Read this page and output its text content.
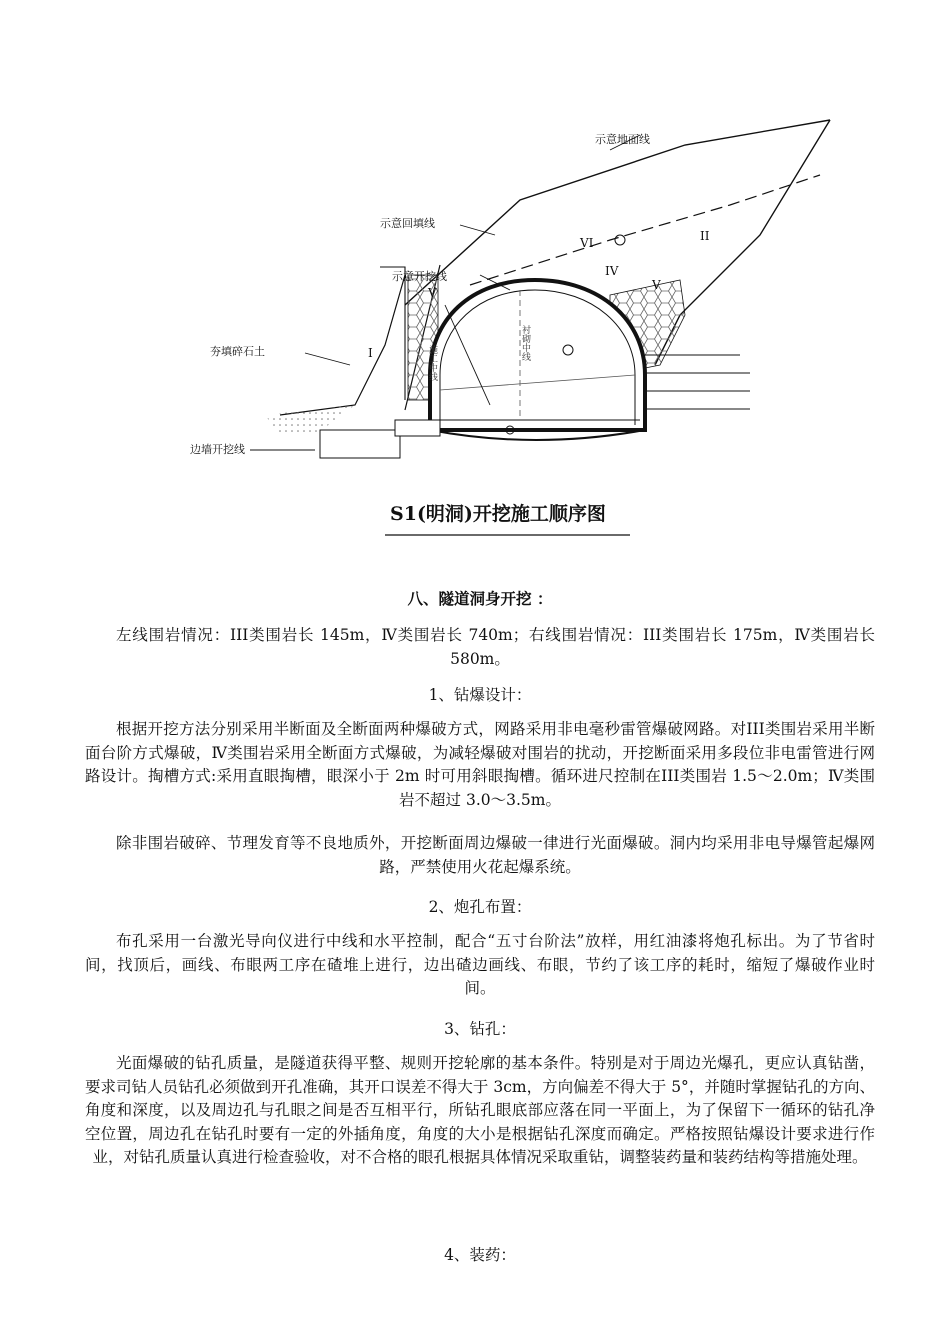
示意地面线
示意回填线
示意开挖线
夯填碎石土
边墙开挖线
VI	II
IV
V
V
I	施工中线
衬砌中线
S1(明洞)开挖施工顺序图
八、隧道洞身开挖 ：

左线围岩情况：III类围岩长 145m，Ⅳ类围岩长 740m；右线围岩情况：III类围岩长 175m，Ⅳ类围岩长 580m。

1、钻爆设计：

根据开挖方法分别采用半断面及全断面两种爆破方式，网路采用非电毫秒雷管爆破网路。对III类围岩采用半断面台阶方式爆破，Ⅳ类围岩采用全断面方式爆破，为减轻爆破对围岩的扰动，开挖断面采用多段位非电雷管进行网路设计。掏槽方式:采用直眼掏槽，眼深小于 2m 时可用斜眼掏槽。循环进尺控制在III类围岩 1.5～2.0m；Ⅳ类围岩不超过 3.0～3.5m。

除非围岩破碎、节理发育等不良地质外，开挖断面周边爆破一律进行光面爆破。洞内均采用非电导爆管起爆网路，严禁使用火花起爆系统。

2、炮孔布置：

布孔采用一台激光导向仪进行中线和水平控制，配合“五寸台阶法”放样，用红油漆将炮孔标出。为了节省时间，找顶后，画线、布眼两工序在碴堆上进行，边出碴边画线、布眼，节约了该工序的耗时，缩短了爆破作业时间。

3、钻孔：

光面爆破的钻孔质量，是隧道获得平整、规则开挖轮廓的基本条件。特别是对于周边光爆孔，更应认真钻凿，要求司钻人员钻孔必须做到开孔准确，其开口误差不得大于 3cm，方向偏差不得大于 5°，并随时掌握钻孔的方向、角度和深度，以及周边孔与孔眼之间是否互相平行，所钻孔眼底部应落在同一平面上，为了保留下一循环的钻孔净空位置，周边孔在钻孔时要有一定的外插角度，角度的大小是根据钻孔深度而确定。严格按照钻爆设计要求进行作业，对钻孔质量认真进行检查验收，对不合格的眼孔根据具体情况采取重钻，调整装药量和装药结构等措施处理。

4、装药：
